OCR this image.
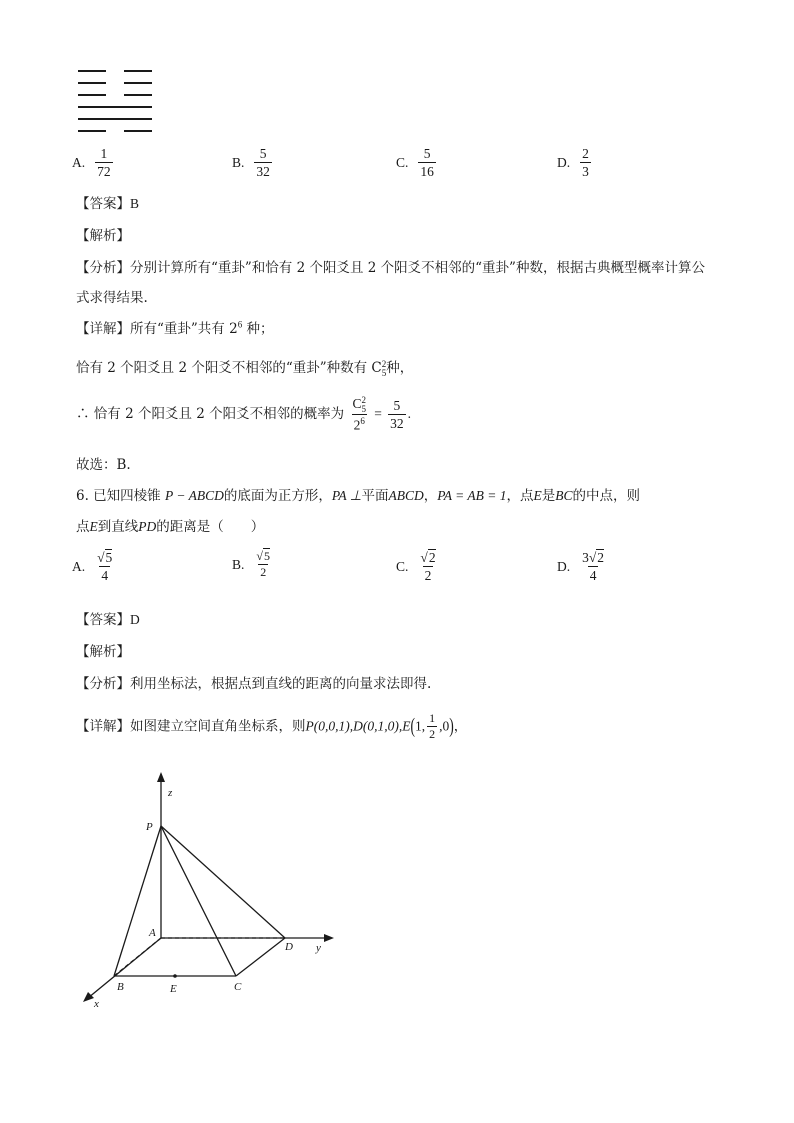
A. $\frac{1}{72}$	B. $\frac{5}{32}$	C. $\frac{5}{16}$	D. $\frac{2}{3}$
【答案】B
【解析】
【分析】分别计算所有“重卦”和恰有 2 个阳爻且 2 个阳爻不相邻的“重卦”种数，根据古典概型概率计算公
式求得结果.
【详解】所有“重卦”共有 $2^6$ 种；
恰有 2 个阳爻且 2 个阳爻不相邻的“重卦”种数有 C 2
5 种，
∴ 恰有 2 个阳爻且 2 个阳爻不相邻的概率为 C 2
5
$2^6 = \frac{5}{32}$ .
故选：B.
6. 已知四棱锥 P − ABCD的底面为正方形，PA ⊥平面ABCD，PA = AB = 1，点E是BC的中点，则
点E到直线PD的距离是（　　）
A. $\frac{√5}{4}$	B. $\frac{√5}{2}$	C. $\frac{√2}{2}$	D. $\frac{3√2}{4}$
【答案】D
【解析】
【分析】利用坐标法，根据点到直线的距离的向量求法即得.
【详解】如图建立空间直角坐标系，则P(0,0,1),D(0,1,0),E(1, $\frac{1}{2} ,0$)，
z
P
A
D y
B	E	C
x
